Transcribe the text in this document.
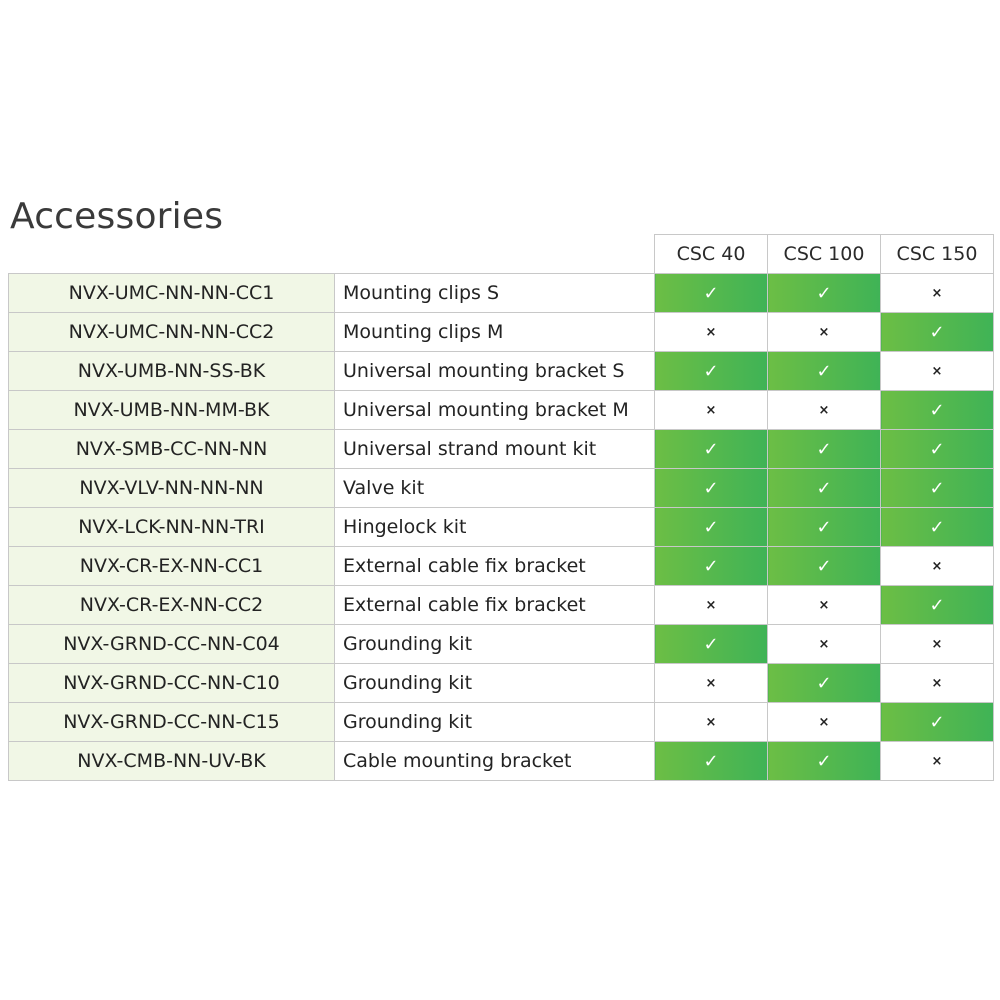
Accessories
		CSC 40	CSC 100	CSC 150
NVX-UMC-NN-NN-CC1	Mounting clips S	✓	✓	×
NVX-UMC-NN-NN-CC2	Mounting clips M	×	×	✓
NVX-UMB-NN-SS-BK	Universal mounting bracket S	✓	✓	×
NVX-UMB-NN-MM-BK	Universal mounting bracket M	×	×	✓
NVX-SMB-CC-NN-NN	Universal strand mount kit	✓	✓	✓
NVX-VLV-NN-NN-NN	Valve kit	✓	✓	✓
NVX-LCK-NN-NN-TRI	Hingelock kit	✓	✓	✓
NVX-CR-EX-NN-CC1	External cable fix bracket	✓	✓	×
NVX-CR-EX-NN-CC2	External cable fix bracket	×	×	✓
NVX-GRND-CC-NN-C04	Grounding kit	✓	×	×
NVX-GRND-CC-NN-C10	Grounding kit	×	✓	×
NVX-GRND-CC-NN-C15	Grounding kit	×	×	✓
NVX-CMB-NN-UV-BK	Cable mounting bracket	✓	✓	×
